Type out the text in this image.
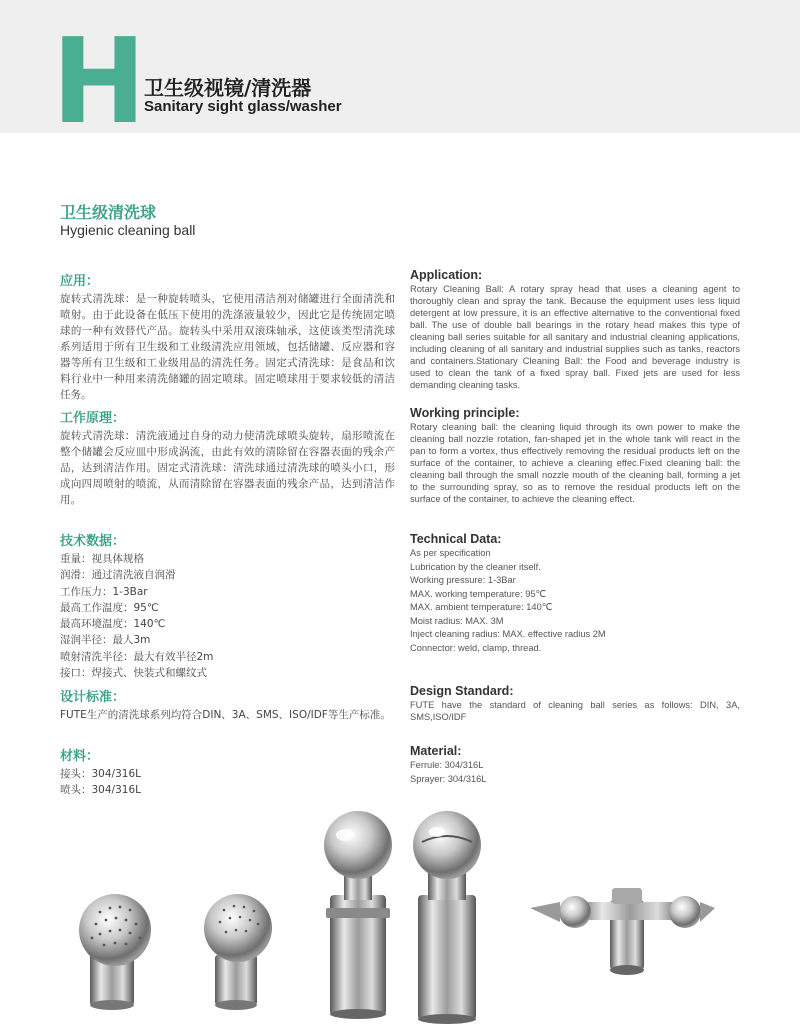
H
卫生级视镜/清洗器
Sanitary sight glass/washer
卫生级清洗球
Hygienic cleaning ball
应用：

旋转式清洗球：是一种旋转喷头，它使用清洁剂对储罐进行全面清洗和喷射。由于此设备在低压下使用的洗涤液量较少，因此它是传统固定喷球的一种有效替代产品。旋转头中采用双滚珠轴承，这使该类型清洗球系列适用于所有卫生级和工业级清洗应用领域，包括储罐、反应器和容器等所有卫生级和工业级用品的清洗任务。固定式清洗球：是食品和饮料行业中一种用来清洗储罐的固定喷球。固定喷球用于要求较低的清洁任务。

Application:

Rotary Cleaning Ball: A rotary spray head that uses a cleaning agent to thoroughly clean and spray the tank. Because the equipment uses less liquid detergent at low pressure, it is an effective alternative to the conventional fixed ball. The use of double ball bearings in the rotary head makes this type of cleaning ball series suitable for all sanitary and industrial cleaning applications, including cleaning of all sanitary and industrial supplies such as tanks, reactors and containers.Stationary Cleaning Ball: the Food and beverage industry is used to clean the tank of a fixed spray ball. Fixed jets are used for less demanding cleaning tasks.

工作原理：

旋转式清洗球：清洗液通过自身的动力使清洗球喷头旋转，扇形喷流在整个储罐会反应皿中形成涡流，由此有效的清除留在容器表面的残余产品，达到清洁作用。固定式清洗球：清洗球通过清洗球的喷头小口，形成向四周喷射的喷流，从而清除留在容器表面的残余产品，达到清洁作用。

Working principle:

Rotary cleaning ball: the cleaning liquid through its own power to make the cleaning ball nozzle rotation, fan-shaped jet in the whole tank will react in the pan to form a vortex, thus effectively removing the residual products left on the surface of the container, to achieve a cleaning effec.Fixed cleaning ball: the cleaning ball through the small nozzle mouth of the cleaning ball, forming a jet to the surrounding spray, so as to remove the residual products left on the surface of the container, to achieve the cleaning effect.

技术数据：
重量：视具体规格
润滑：通过清洗液自润滑
工作压力：1-3Bar
最高工作温度：95℃
最高环境温度：140℃
湿润半径：最人3m
喷射清洗半径：最大有效半径2m
接口：焊接式、快装式和螺纹式
Technical Data:
As per specification
Lubrication by the cleaner itself.
Working pressure: 1-3Bar
MAX. working temperature: 95℃
MAX. ambient temperature: 140℃
Moist radius: MAX. 3M
Inject cleaning radius: MAX. effective radius 2M
Connector: weld, clamp, thread.
设计标准：

FUTE生产的清洗球系列均符合DIN、3A、SMS、ISO/IDF等生产标准。

Design Standard:

FUTE have the standard of cleaning ball series as follows: DIN, 3A, SMS,ISO/IDF

材料：
接头：304/316L
喷头：304/316L
Material:
Ferrule: 304/316L
Sprayer: 304/316L
